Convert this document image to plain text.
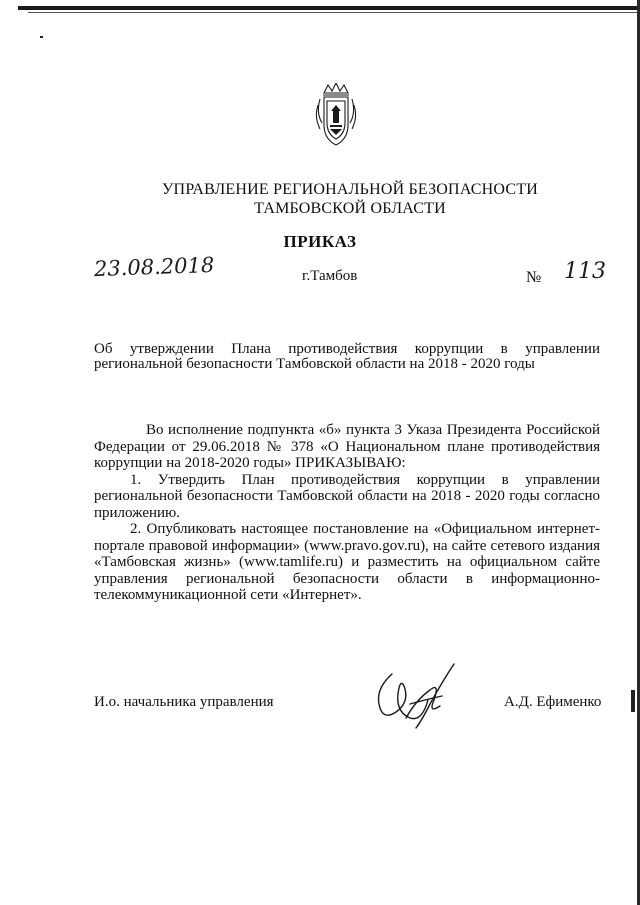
УПРАВЛЕНИЕ РЕГИОНАЛЬНОЙ БЕЗОПАСНОСТИ
ТАМБОВСКОЙ ОБЛАСТИ
ПРИКАЗ
23.08.2018	г.Тамбов	№ 113
Об утверждении Плана противодействия коррупции в управлении региональной безопасности Тамбовской области на 2018 - 2020 годы

Во исполнение подпункта «б» пункта 3 Указа Президента Российской Федерации от 29.06.2018 № 378 «О Национальном плане противодействия коррупции на 2018-2020 годы» ПРИКАЗЫВАЮ:

1. Утвердить План противодействия коррупции в управлении региональной безопасности Тамбовской области на 2018 - 2020 годы согласно приложению.

2. Опубликовать настоящее постановление на «Официальном интернет-портале правовой информации» (www.pravo.gov.ru), на сайте сетевого издания «Тамбовская жизнь» (www.tamlife.ru) и разместить на официальном сайте управления региональной безопасности области в информационно-телекоммуникационной сети «Интернет».

И.о. начальника управления	А.Д. Ефименко
